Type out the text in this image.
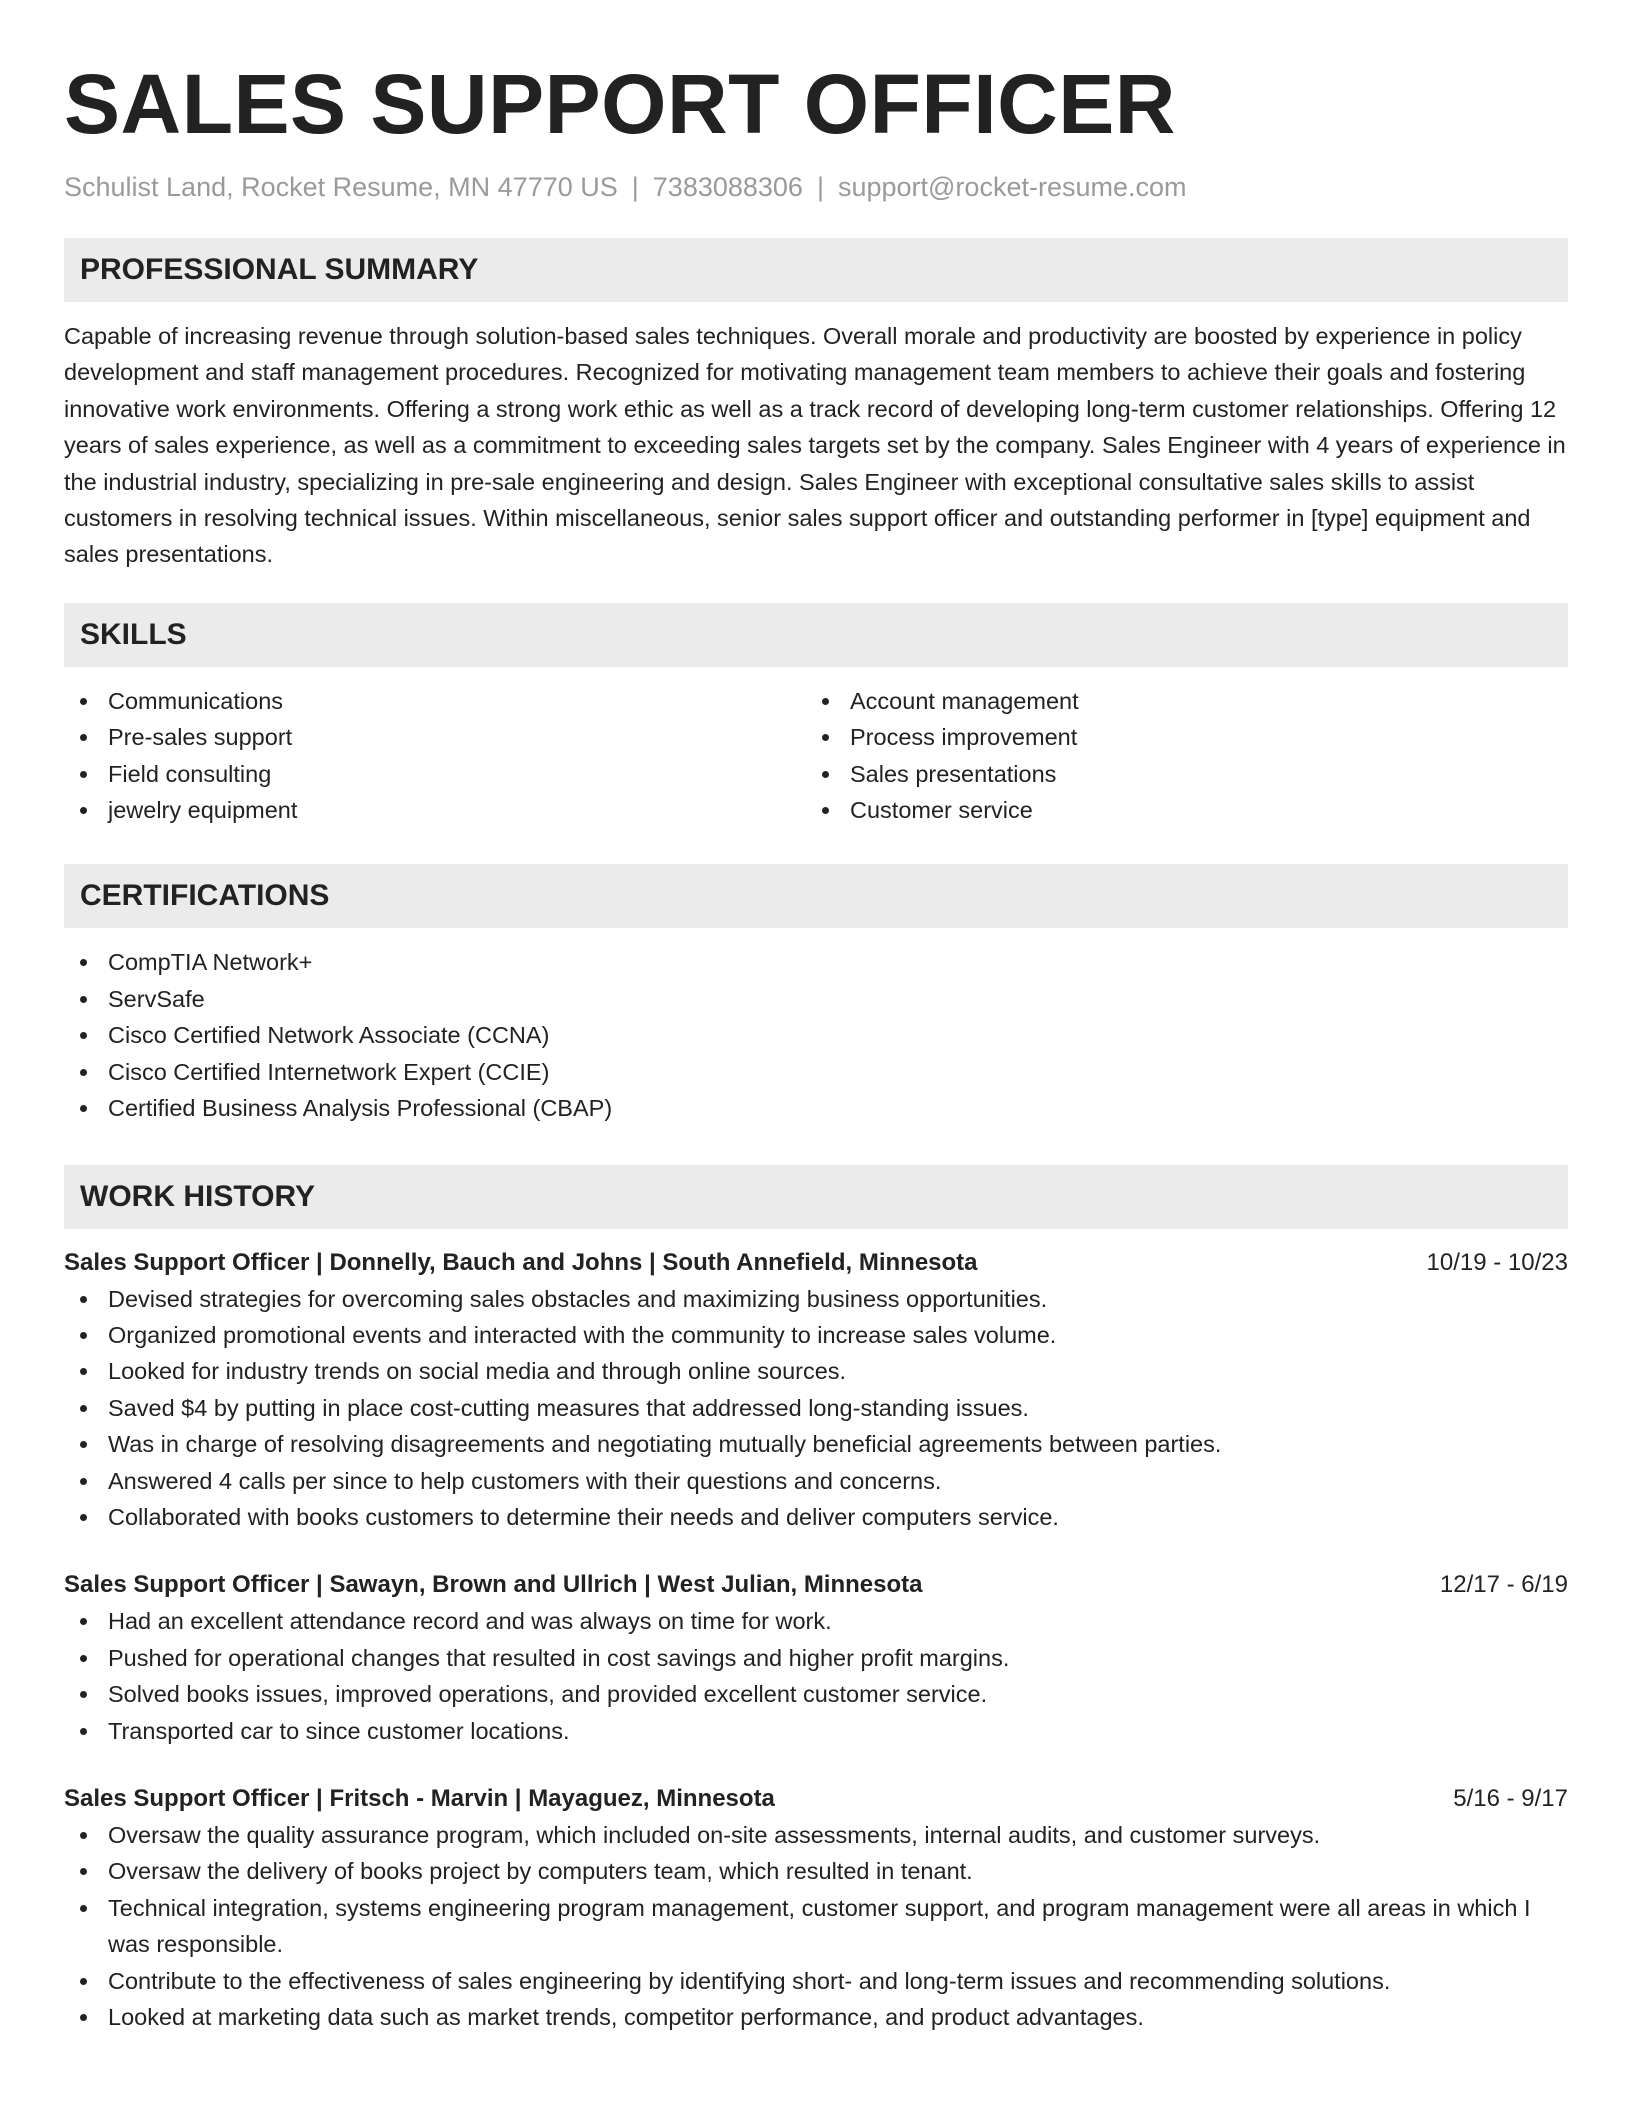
SALES SUPPORT OFFICER
Schulist Land, Rocket Resume, MN 47770 US | 7383088306 | support@rocket-resume.com
PROFESSIONAL SUMMARY
Capable of increasing revenue through solution-based sales techniques. Overall morale and productivity are boosted by experience in policy development and staff management procedures. Recognized for motivating management team members to achieve their goals and fostering innovative work environments. Offering a strong work ethic as well as a track record of developing long-term customer relationships. Offering 12 years of sales experience, as well as a commitment to exceeding sales targets set by the company. Sales Engineer with 4 years of experience in the industrial industry, specializing in pre-sale engineering and design. Sales Engineer with exceptional consultative sales skills to assist customers in resolving technical issues. Within miscellaneous, senior sales support officer and outstanding performer in [type] equipment and sales presentations.
SKILLS
Communications
Pre-sales support
Field consulting
jewelry equipment
Account management
Process improvement
Sales presentations
Customer service
CERTIFICATIONS
CompTIA Network+
ServSafe
Cisco Certified Network Associate (CCNA)
Cisco Certified Internetwork Expert (CCIE)
Certified Business Analysis Professional (CBAP)
WORK HISTORY
Sales Support Officer | Donnelly, Bauch and Johns | South Annefield, Minnesota	10/19 - 10/23
Devised strategies for overcoming sales obstacles and maximizing business opportunities.
Organized promotional events and interacted with the community to increase sales volume.
Looked for industry trends on social media and through online sources.
Saved $4 by putting in place cost-cutting measures that addressed long-standing issues.
Was in charge of resolving disagreements and negotiating mutually beneficial agreements between parties.
Answered 4 calls per since to help customers with their questions and concerns.
Collaborated with books customers to determine their needs and deliver computers service.
Sales Support Officer | Sawayn, Brown and Ullrich | West Julian, Minnesota	12/17 - 6/19
Had an excellent attendance record and was always on time for work.
Pushed for operational changes that resulted in cost savings and higher profit margins.
Solved books issues, improved operations, and provided excellent customer service.
Transported car to since customer locations.
Sales Support Officer | Fritsch - Marvin | Mayaguez, Minnesota	5/16 - 9/17
Oversaw the quality assurance program, which included on-site assessments, internal audits, and customer surveys.
Oversaw the delivery of books project by computers team, which resulted in tenant.
Technical integration, systems engineering program management, customer support, and program management were all areas in which I was responsible.
Contribute to the effectiveness of sales engineering by identifying short- and long-term issues and recommending solutions.
Looked at marketing data such as market trends, competitor performance, and product advantages.
